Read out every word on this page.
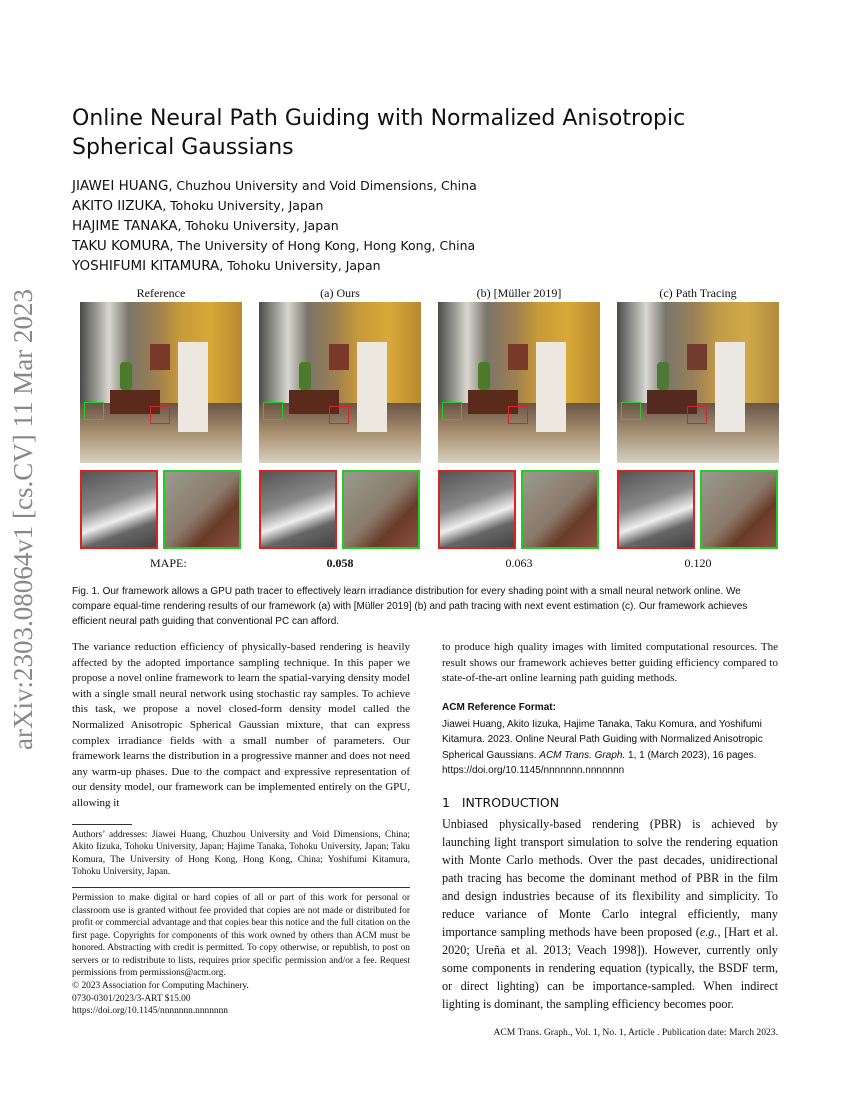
arXiv:2303.08064v1 [cs.CV] 11 Mar 2023
Online Neural Path Guiding with Normalized Anisotropic Spherical Gaussians
JIAWEI HUANG, Chuzhou University and Void Dimensions, China
AKITO IIZUKA, Tohoku University, Japan
HAJIME TANAKA, Tohoku University, Japan
TAKU KOMURA, The University of Hong Kong, Hong Kong, China
YOSHIFUMI KITAMURA, Tohoku University, Japan
Reference	(a) Ours	(b) [Müller 2019]	(c) Path Tracing
MAPE:	0.058	0.063	0.120
Fig. 1. Our framework allows a GPU path tracer to effectively learn irradiance distribution for every shading point with a small neural network online. We compare equal-time rendering results of our framework (a) with [Müller 2019] (b) and path tracing with next event estimation (c). Our framework achieves efficient neural path guiding that conventional PC can afford.
The variance reduction efficiency of physically-based rendering is heavily affected by the adopted importance sampling technique. In this paper we propose a novel online framework to learn the spatial-varying density model with a single small neural network using stochastic ray samples. To achieve this task, we propose a novel closed-form density model called the Normalized Anisotropic Spherical Gaussian mixture, that can express complex irradiance fields with a small number of parameters. Our framework learns the distribution in a progressive manner and does not need any warm-up phases. Due to the compact and expressive representation of our density model, our framework can be implemented entirely on the GPU, allowing it
Authors’ addresses: Jiawei Huang, Chuzhou University and Void Dimensions, China; Akito Iizuka, Tohoku University, Japan; Hajime Tanaka, Tohoku University, Japan; Taku Komura, The University of Hong Kong, Hong Kong, China; Yoshifumi Kitamura, Tohoku University, Japan.
Permission to make digital or hard copies of all or part of this work for personal or classroom use is granted without fee provided that copies are not made or distributed for profit or commercial advantage and that copies bear this notice and the full citation on the first page. Copyrights for components of this work owned by others than ACM must be honored. Abstracting with credit is permitted. To copy otherwise, or republish, to post on servers or to redistribute to lists, requires prior specific permission and/or a fee. Request permissions from permissions@acm.org.
© 2023 Association for Computing Machinery.
0730-0301/2023/3-ART $15.00
https://doi.org/10.1145/nnnnnnn.nnnnnnn
to produce high quality images with limited computational resources. The result shows our framework achieves better guiding efficiency compared to state-of-the-art online learning path guiding methods.
ACM Reference Format:
Jiawei Huang, Akito Iizuka, Hajime Tanaka, Taku Komura, and Yoshifumi Kitamura. 2023. Online Neural Path Guiding with Normalized Anisotropic Spherical Gaussians. ACM Trans. Graph. 1, 1 (March 2023), 16 pages. https://doi.org/10.1145/nnnnnnn.nnnnnnn
1 INTRODUCTION
Unbiased physically-based rendering (PBR) is achieved by launching light transport simulation to solve the rendering equation with Monte Carlo methods. Over the past decades, unidirectional path tracing has become the dominant method of PBR in the film and design industries because of its flexibility and simplicity. To reduce variance of Monte Carlo integral efficiently, many importance sampling methods have been proposed (e.g., [Hart et al. 2020; Ureña et al. 2013; Veach 1998]). However, currently only some components in rendering equation (typically, the BSDF term, or direct lighting) can be importance-sampled. When indirect lighting is dominant, the sampling efficiency becomes poor.
ACM Trans. Graph., Vol. 1, No. 1, Article . Publication date: March 2023.
